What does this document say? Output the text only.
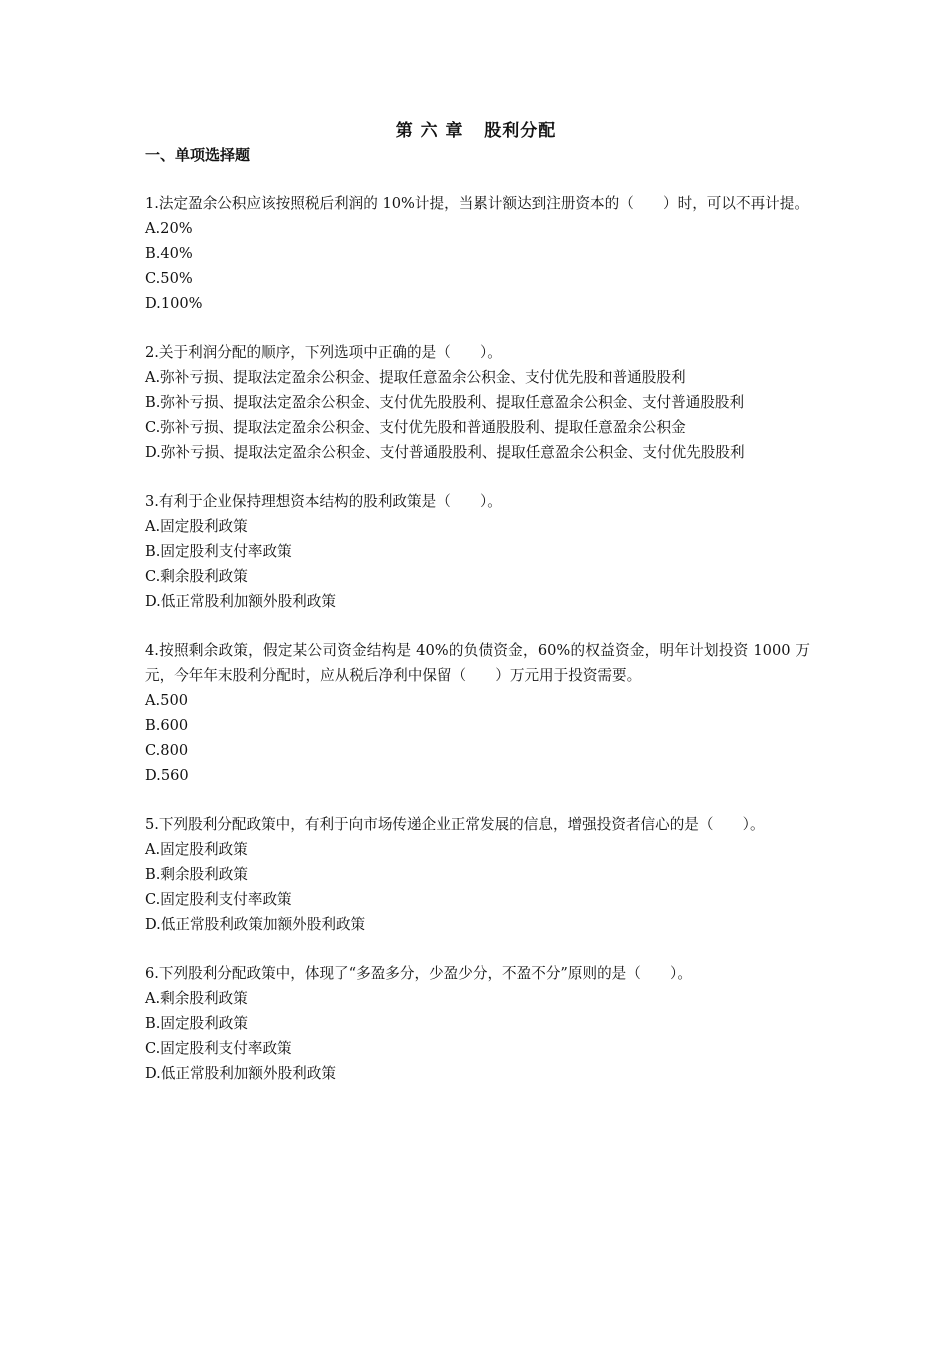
第 六 章   股利分配
一、单项选择题

1.法定盈余公积应该按照税后利润的 10%计提，当累计额达到注册资本的（　　）时，可以不再计提。

A.20%

B.40%

C.50%

D.100%

2.关于利润分配的顺序，下列选项中正确的是（　　）。

A.弥补亏损、提取法定盈余公积金、提取任意盈余公积金、支付优先股和普通股股利

B.弥补亏损、提取法定盈余公积金、支付优先股股利、提取任意盈余公积金、支付普通股股利

C.弥补亏损、提取法定盈余公积金、支付优先股和普通股股利、提取任意盈余公积金

D.弥补亏损、提取法定盈余公积金、支付普通股股利、提取任意盈余公积金、支付优先股股利

3.有利于企业保持理想资本结构的股利政策是（　　）。

A.固定股利政策

B.固定股利支付率政策

C.剩余股利政策

D.低正常股利加额外股利政策

4.按照剩余政策，假定某公司资金结构是 40%的负债资金，60%的权益资金，明年计划投资 1000 万元，今年年末股利分配时，应从税后净利中保留（　　）万元用于投资需要。

A.500

B.600

C.800

D.560

5.下列股利分配政策中，有利于向市场传递企业正常发展的信息，增强投资者信心的是（　　）。

A.固定股利政策

B.剩余股利政策

C.固定股利支付率政策

D.低正常股利政策加额外股利政策

6.下列股利分配政策中，体现了“多盈多分，少盈少分，不盈不分”原则的是（　　）。

A.剩余股利政策

B.固定股利政策

C.固定股利支付率政策

D.低正常股利加额外股利政策
